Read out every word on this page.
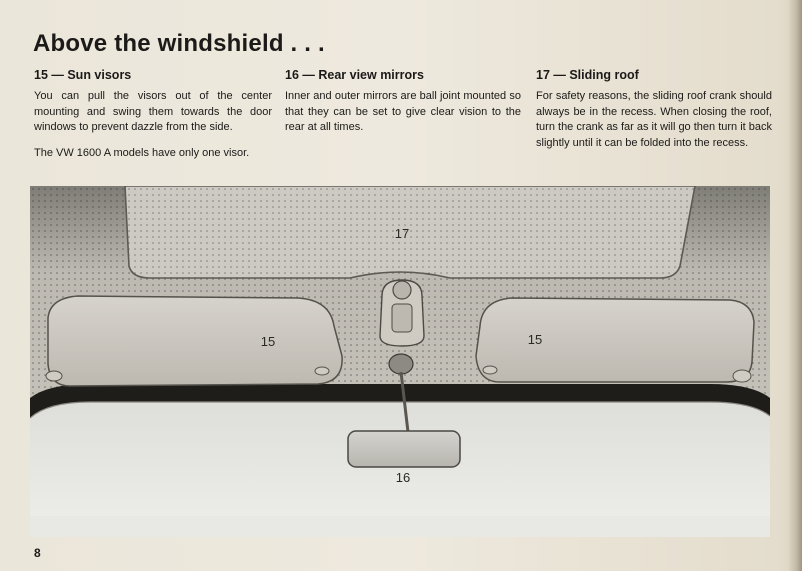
Above the windshield . . .
15 — Sun visors

You can pull the visors out of the center mounting and swing them towards the door windows to prevent dazzle from the side.

The VW 1600 A models have only one visor.

16 — Rear view mirrors

Inner and outer mirrors are ball joint mounted so that they can be set to give clear vision to the rear at all times.

17 — Sliding roof

For safety reasons, the sliding roof crank should always be in the recess. When closing the roof, turn the crank as far as it will go then turn it back slightly until it can be folded into the recess.

17
15	15
16
8
